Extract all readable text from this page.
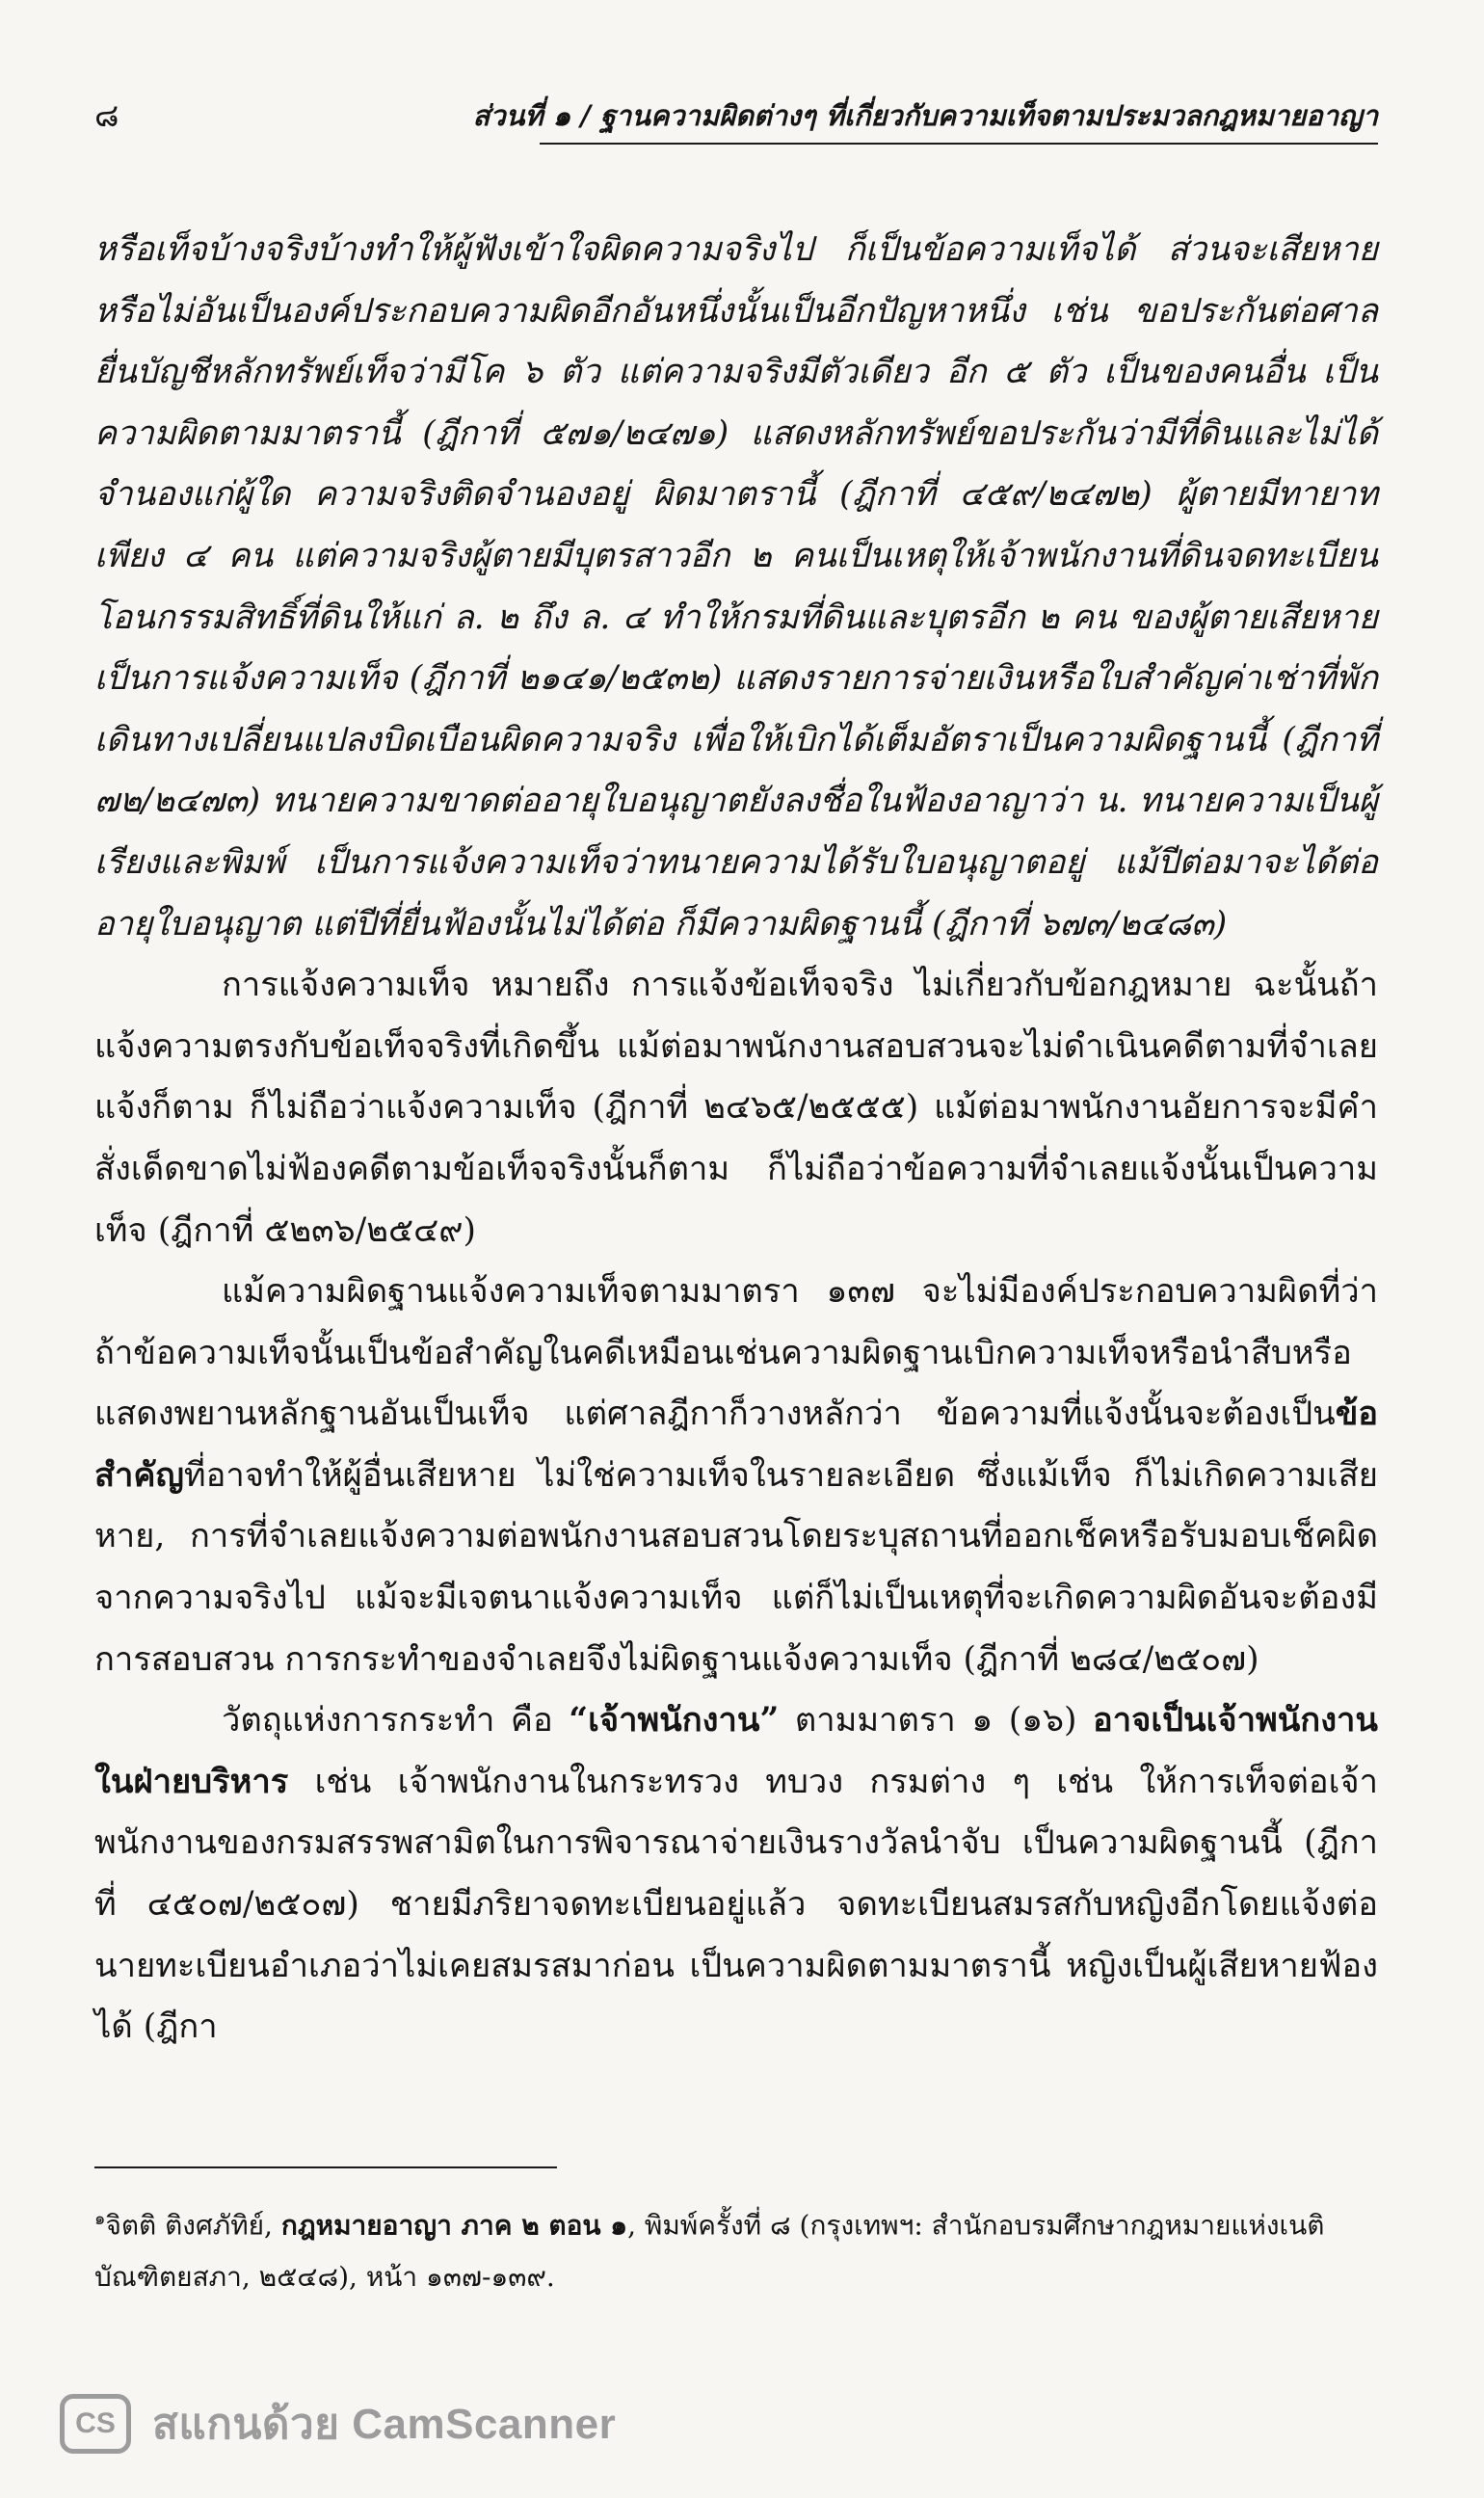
๘	ส่วนที่ ๑ / ฐานความผิดต่างๆ ที่เกี่ยวกับความเท็จตามประมวลกฎหมายอาญา

หรือเท็จบ้างจริงบ้างทำให้ผู้ฟังเข้าใจผิดความจริงไป ก็เป็นข้อความเท็จได้ ส่วนจะเสียหายหรือไม่อันเป็นองค์ประกอบความผิดอีกอันหนึ่งนั้นเป็นอีกปัญหาหนึ่ง เช่น ขอประกันต่อศาลยื่นบัญชีหลักทรัพย์เท็จว่ามีโค ๖ ตัว แต่ความจริงมีตัวเดียว อีก ๕ ตัว เป็นของคนอื่น เป็นความผิดตามมาตรานี้ (ฎีกาที่ ๕๗๑/๒๔๗๑) แสดงหลักทรัพย์ขอประกันว่ามีที่ดินและไม่ได้จำนองแก่ผู้ใด ความจริงติดจำนองอยู่ ผิดมาตรานี้ (ฎีกาที่ ๔๕๙/๒๔๗๒) ผู้ตายมีทายาทเพียง ๔ คน แต่ความจริงผู้ตายมีบุตรสาวอีก ๒ คนเป็นเหตุให้เจ้าพนักงานที่ดินจดทะเบียนโอนกรรมสิทธิ์ที่ดินให้แก่ ล. ๒ ถึง ล. ๔ ทำให้กรมที่ดินและบุตรอีก ๒ คน ของผู้ตายเสียหายเป็นการแจ้งความเท็จ (ฎีกาที่ ๒๑๔๑/๒๕๓๒) แสดงรายการจ่ายเงินหรือใบสำคัญค่าเช่าที่พักเดินทางเปลี่ยนแปลงบิดเบือนผิดความจริง เพื่อให้เบิกได้เต็มอัตราเป็นความผิดฐานนี้ (ฎีกาที่ ๗๒/๒๔๗๓) ทนายความขาดต่ออายุใบอนุญาตยังลงชื่อในฟ้องอาญาว่า น. ทนายความเป็นผู้เรียงและพิมพ์ เป็นการแจ้งความเท็จว่าทนายความได้รับใบอนุญาตอยู่ แม้ปีต่อมาจะได้ต่ออายุใบอนุญาต แต่ปีที่ยื่นฟ้องนั้นไม่ได้ต่อ ก็มีความผิดฐานนี้ (ฎีกาที่ ๖๗๓/๒๔๘๓)

การแจ้งความเท็จ หมายถึง การแจ้งข้อเท็จจริง ไม่เกี่ยวกับข้อกฎหมาย ฉะนั้นถ้าแจ้งความตรงกับข้อเท็จจริงที่เกิดขึ้น แม้ต่อมาพนักงานสอบสวนจะไม่ดำเนินคดีตามที่จำเลยแจ้งก็ตาม ก็ไม่ถือว่าแจ้งความเท็จ (ฎีกาที่ ๒๔๖๕/๒๕๕๕) แม้ต่อมาพนักงานอัยการจะมีคำสั่งเด็ดขาดไม่ฟ้องคดีตามข้อเท็จจริงนั้นก็ตาม ก็ไม่ถือว่าข้อความที่จำเลยแจ้งนั้นเป็นความเท็จ (ฎีกาที่ ๕๒๓๖/๒๕๔๙)

แม้ความผิดฐานแจ้งความเท็จตามมาตรา ๑๓๗ จะไม่มีองค์ประกอบความผิดที่ว่าถ้าข้อความเท็จนั้นเป็นข้อสำคัญในคดีเหมือนเช่นความผิดฐานเบิกความเท็จหรือนำสืบหรือแสดงพยานหลักฐานอันเป็นเท็จ แต่ศาลฎีกาก็วางหลักว่า ข้อความที่แจ้งนั้นจะต้องเป็นข้อสำคัญที่อาจทำให้ผู้อื่นเสียหาย ไม่ใช่ความเท็จในรายละเอียด ซึ่งแม้เท็จ ก็ไม่เกิดความเสียหาย, การที่จำเลยแจ้งความต่อพนักงานสอบสวนโดยระบุสถานที่ออกเช็คหรือรับมอบเช็คผิดจากความจริงไป แม้จะมีเจตนาแจ้งความเท็จ แต่ก็ไม่เป็นเหตุที่จะเกิดความผิดอันจะต้องมีการสอบสวน การกระทำของจำเลยจึงไม่ผิดฐานแจ้งความเท็จ (ฎีกาที่ ๒๘๔/๒๕๐๗)

วัตถุแห่งการกระทำ คือ “เจ้าพนักงาน” ตามมาตรา ๑ (๑๖) อาจเป็นเจ้าพนักงานในฝ่ายบริหาร เช่น เจ้าพนักงานในกระทรวง ทบวง กรมต่าง ๆ เช่น ให้การเท็จต่อเจ้าพนักงานของกรมสรรพสามิตในการพิจารณาจ่ายเงินรางวัลนำจับ เป็นความผิดฐานนี้ (ฎีกาที่ ๔๕๐๗/๒๕๐๗) ชายมีภริยาจดทะเบียนอยู่แล้ว จดทะเบียนสมรสกับหญิงอีกโดยแจ้งต่อนายทะเบียนอำเภอว่าไม่เคยสมรสมาก่อน เป็นความผิดตามมาตรานี้ หญิงเป็นผู้เสียหายฟ้องได้ (ฎีกา

$^๑$จิตติ ติงศภัทิย์, กฎหมายอาญา ภาค ๒ ตอน ๑, พิมพ์ครั้งที่ ๘ (กรุงเทพฯ: สำนักอบรมศึกษากฎหมายแห่งเนติบัณฑิตยสภา, ๒๕๔๘), หน้า ๑๓๗-๑๓๙.

CS สแกนด้วย CamScanner
